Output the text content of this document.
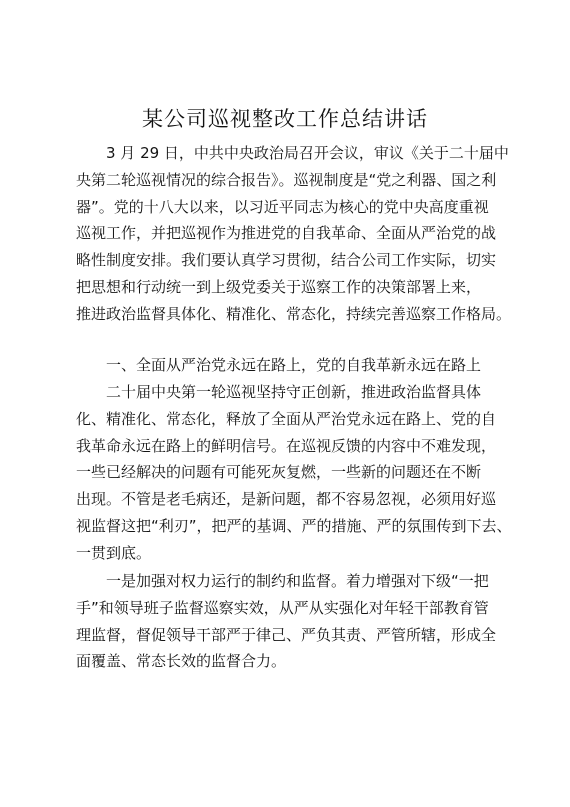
某公司巡视整改工作总结讲话
3 月 29 日，中共中央政治局召开会议，审议《关于二十届中
央第二轮巡视情况的综合报告》。巡视制度是“党之利器、国之利
器”。党的十八大以来，以习近平同志为核心的党中央高度重视
巡视工作，并把巡视作为推进党的自我革命、全面从严治党的战
略性制度安排。我们要认真学习贯彻，结合公司工作实际，切实
把思想和行动统一到上级党委关于巡察工作的决策部署上来，
推进政治监督具体化、精准化、常态化，持续完善巡察工作格局。
一、全面从严治党永远在路上，党的自我革新永远在路上
二十届中央第一轮巡视坚持守正创新，推进政治监督具体
化、精准化、常态化，释放了全面从严治党永远在路上、党的自
我革命永远在路上的鲜明信号。在巡视反馈的内容中不难发现，
一些已经解决的问题有可能死灰复燃，一些新的问题还在不断
出现。不管是老毛病还，是新问题，都不容易忽视，必须用好巡
视监督这把“利刃”，把严的基调、严的措施、严的氛围传到下去、
一贯到底。
一是加强对权力运行的制约和监督。着力增强对下级“一把
手”和领导班子监督巡察实效，从严从实强化对年轻干部教育管
理监督，督促领导干部严于律己、严负其责、严管所辖，形成全
面覆盖、常态长效的监督合力。
